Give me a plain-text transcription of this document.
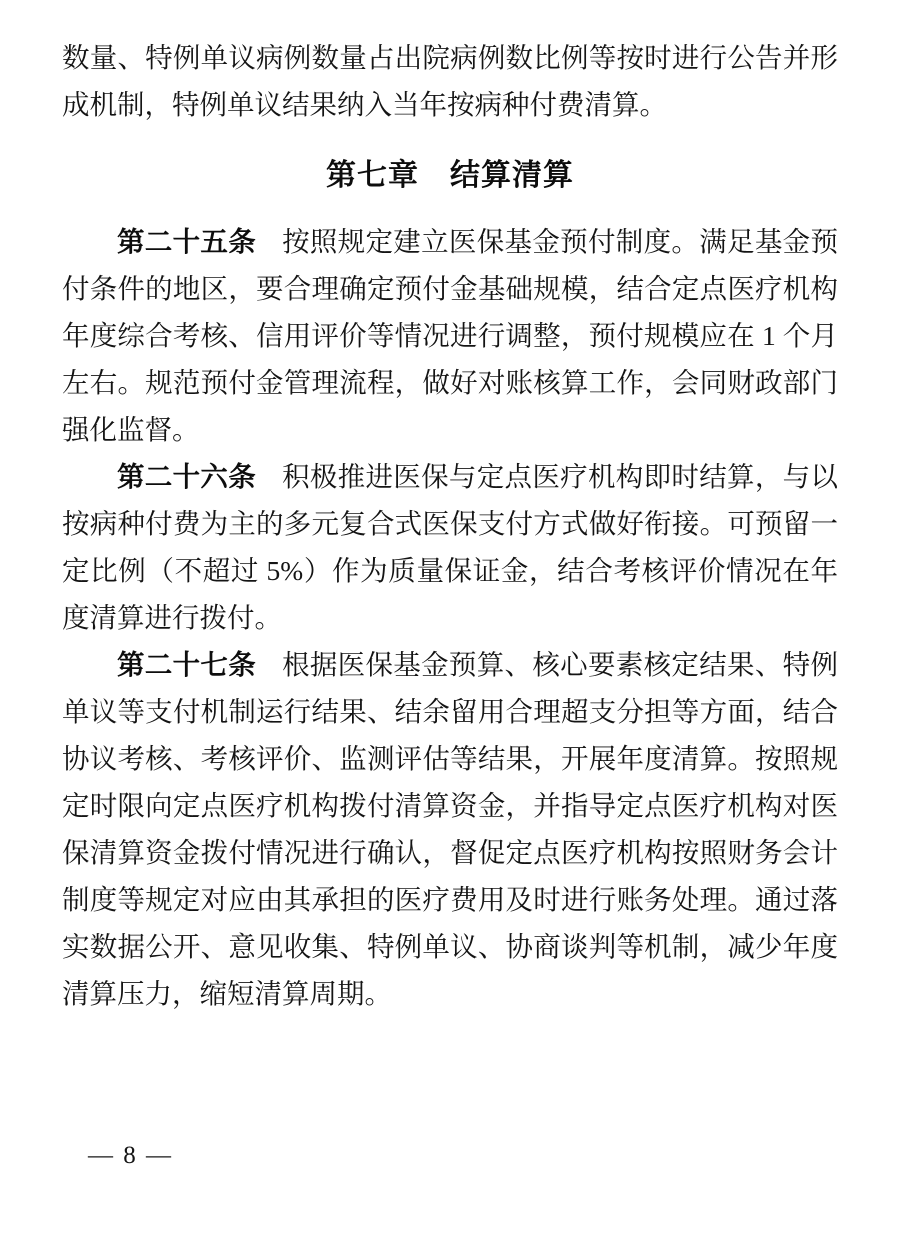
数量、特例单议病例数量占出院病例数比例等按时进行公告并形成机制，特例单议结果纳入当年按病种付费清算。

第七章　结算清算

第二十五条 按照规定建立医保基金预付制度。满足基金预付条件的地区，要合理确定预付金基础规模，结合定点医疗机构年度综合考核、信用评价等情况进行调整，预付规模应在 1 个月左右。规范预付金管理流程，做好对账核算工作，会同财政部门强化监督。

第二十六条 积极推进医保与定点医疗机构即时结算，与以按病种付费为主的多元复合式医保支付方式做好衔接。可预留一定比例（不超过 5%）作为质量保证金，结合考核评价情况在年度清算进行拨付。

第二十七条 根据医保基金预算、核心要素核定结果、特例单议等支付机制运行结果、结余留用合理超支分担等方面，结合协议考核、考核评价、监测评估等结果，开展年度清算。按照规定时限向定点医疗机构拨付清算资金，并指导定点医疗机构对医保清算资金拨付情况进行确认，督促定点医疗机构按照财务会计制度等规定对应由其承担的医疗费用及时进行账务处理。通过落实数据公开、意见收集、特例单议、协商谈判等机制，减少年度清算压力，缩短清算周期。

— 8 —
